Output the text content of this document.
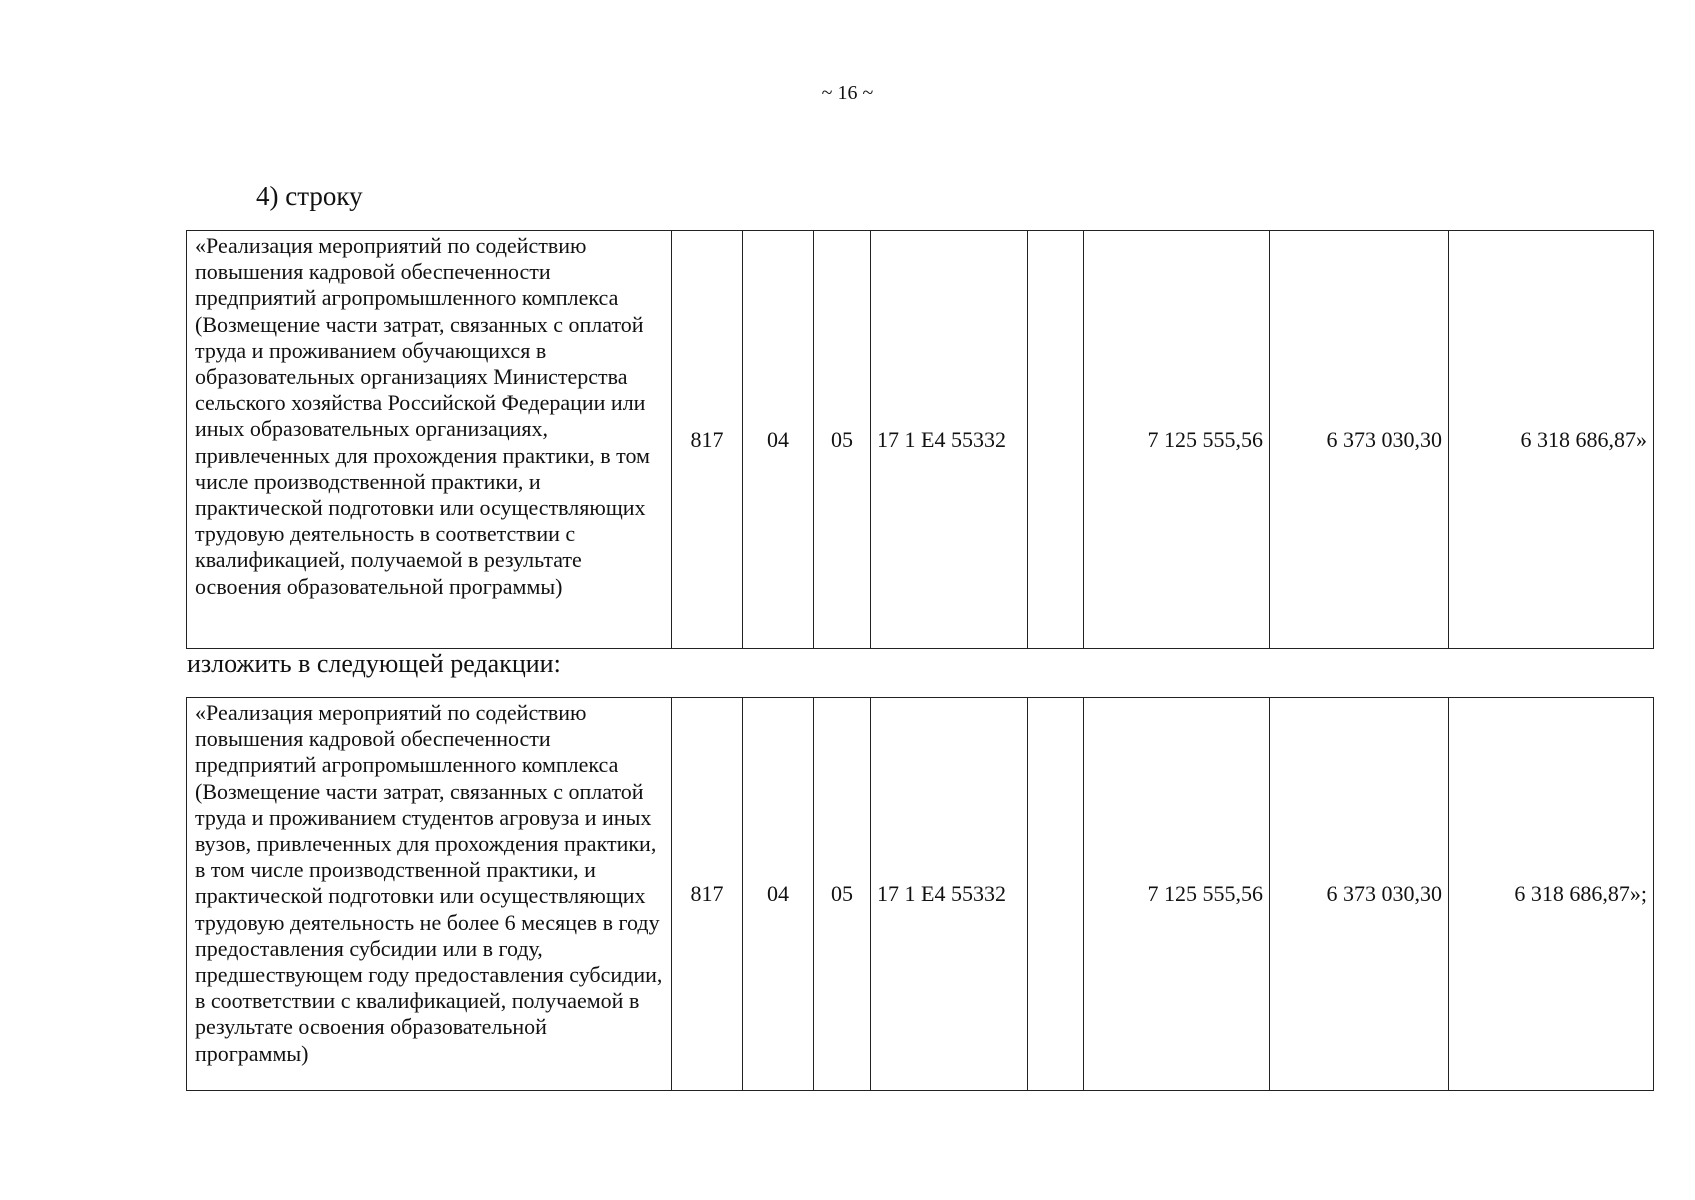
~ 16 ~
4) строку
«Реализация мероприятий по содействию повышения кадровой обеспеченности предприятий агропромышленного комплекса (Возмещение части затрат, связанных с оплатой труда и проживанием обучающихся в образовательных организациях Министерства сельского хозяйства Российской Федерации или иных образовательных организациях, привлеченных для прохождения практики, в том числе производственной практики, и практической подготовки или осуществляющих трудовую деятельность в соответствии с квалификацией, получаемой в результате освоения образовательной программы)	817	04	05	17 1 E4 55332		7 125 555,56	6 373 030,30	6 318 686,87»
изложить в следующей редакции:
«Реализация мероприятий по содействию повышения кадровой обеспеченности предприятий агропромышленного комплекса (Возмещение части затрат, связанных с оплатой труда и проживанием студентов агровуза и иных вузов, привлеченных для прохождения практики, в том числе производственной практики, и практической подготовки или осуществляющих трудовую деятельность не более 6 месяцев в году предоставления субсидии или в году, предшествующем году предоставления субсидии, в соответствии с квалификацией, получаемой в результате освоения образовательной программы)	817	04	05	17 1 E4 55332		7 125 555,56	6 373 030,30	6 318 686,87»;
